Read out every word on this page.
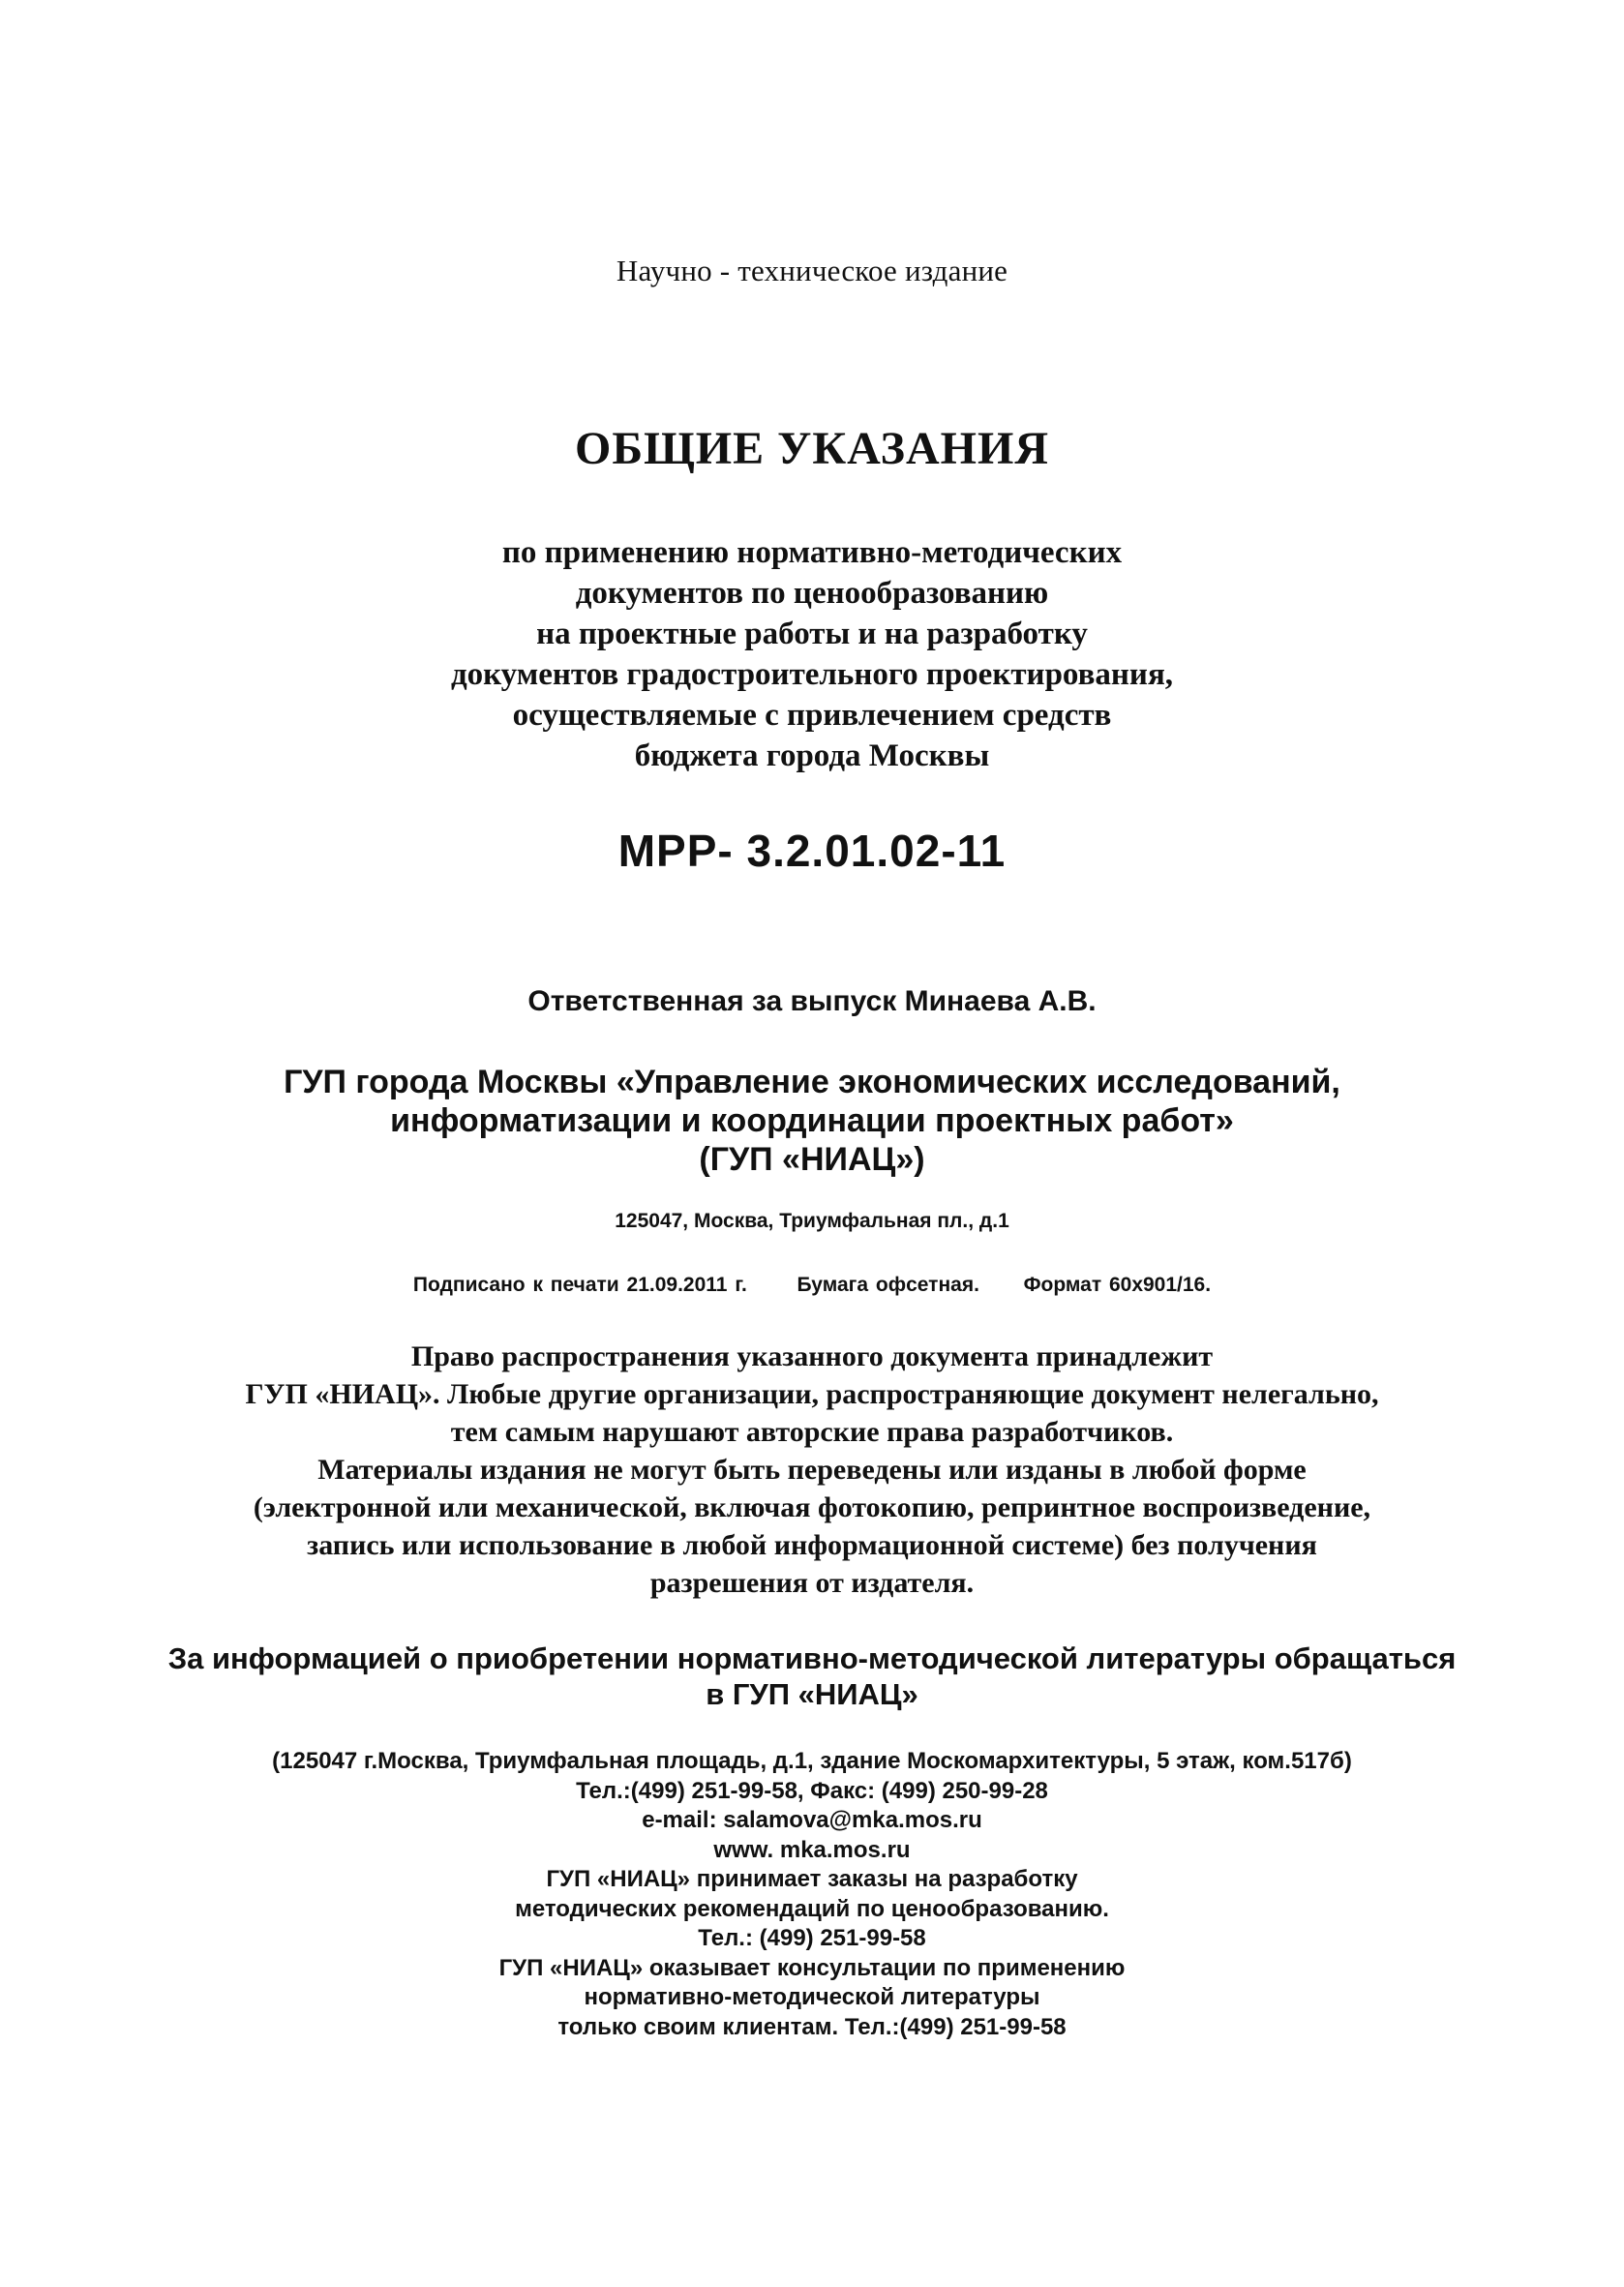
Научно - техническое издание
ОБЩИЕ УКАЗАНИЯ
по применению нормативно-методических
документов по ценообразованию
на проектные работы и на разработку
документов градостроительного проектирования,
осуществляемые с привлечением средств
бюджета города Москвы
МРР- 3.2.01.02-11
Ответственная за выпуск Минаева А.В.
ГУП города Москвы «Управление экономических исследований,
информатизации и координации проектных работ»
(ГУП «НИАЦ»)
125047, Москва, Триумфальная пл., д.1
Подписано к печати 21.09.2011 г. Бумага офсетная. Формат 60х901/16.
Право распространения указанного документа принадлежит
ГУП «НИАЦ». Любые другие организации, распространяющие документ нелегально,
тем самым нарушают авторские права разработчиков.
Материалы издания не могут быть переведены или изданы в любой форме
(электронной или механической, включая фотокопию, репринтное воспроизведение,
запись или использование в любой информационной системе) без получения
разрешения от издателя.
За информацией о приобретении нормативно-методической литературы обращаться
в ГУП «НИАЦ»
(125047 г.Москва, Триумфальная площадь, д.1, здание Москомархитектуры, 5 этаж, ком.517б)
Тел.:(499) 251-99-58, Факс: (499) 250-99-28
e-mail: salamova@mka.mos.ru
www. mka.mos.ru
ГУП «НИАЦ» принимает заказы на разработку
методических рекомендаций по ценообразованию.
Тел.: (499) 251-99-58
ГУП «НИАЦ» оказывает консультации по применению
нормативно-методической литературы
только своим клиентам. Тел.:(499) 251-99-58
